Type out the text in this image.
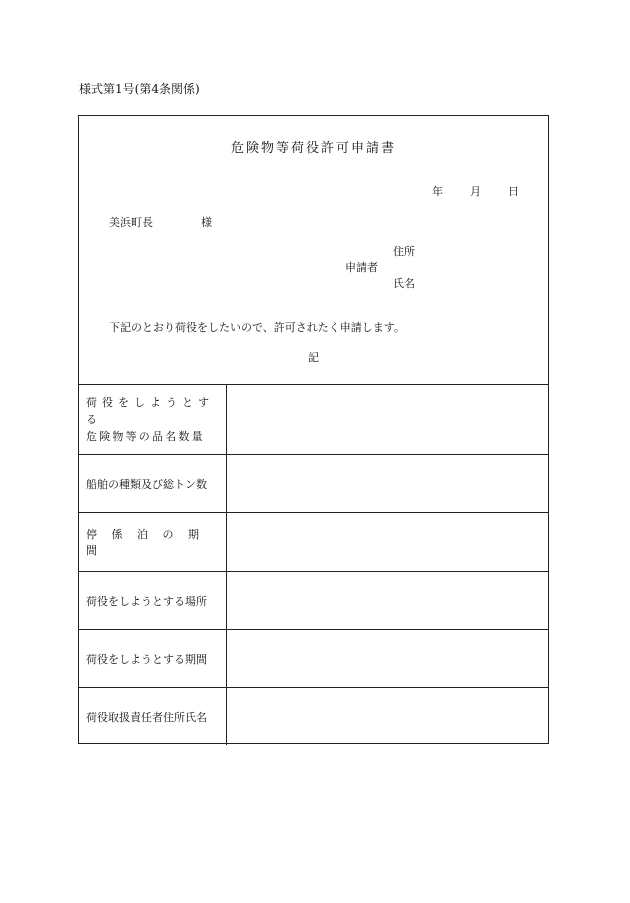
様式第1号(第4条関係)
危険物等荷役許可申請書
年	月	日
美浜町長	様
住所
申請者
氏名
下記のとおり荷役をしたいので、許可されたく申請します。
記
荷役をしようとする
危険物等の品名数量
船舶の種類及び総トン数
停係泊の期間
荷役をしようとする場所
荷役をしようとする期間
荷役取扱責任者住所氏名
